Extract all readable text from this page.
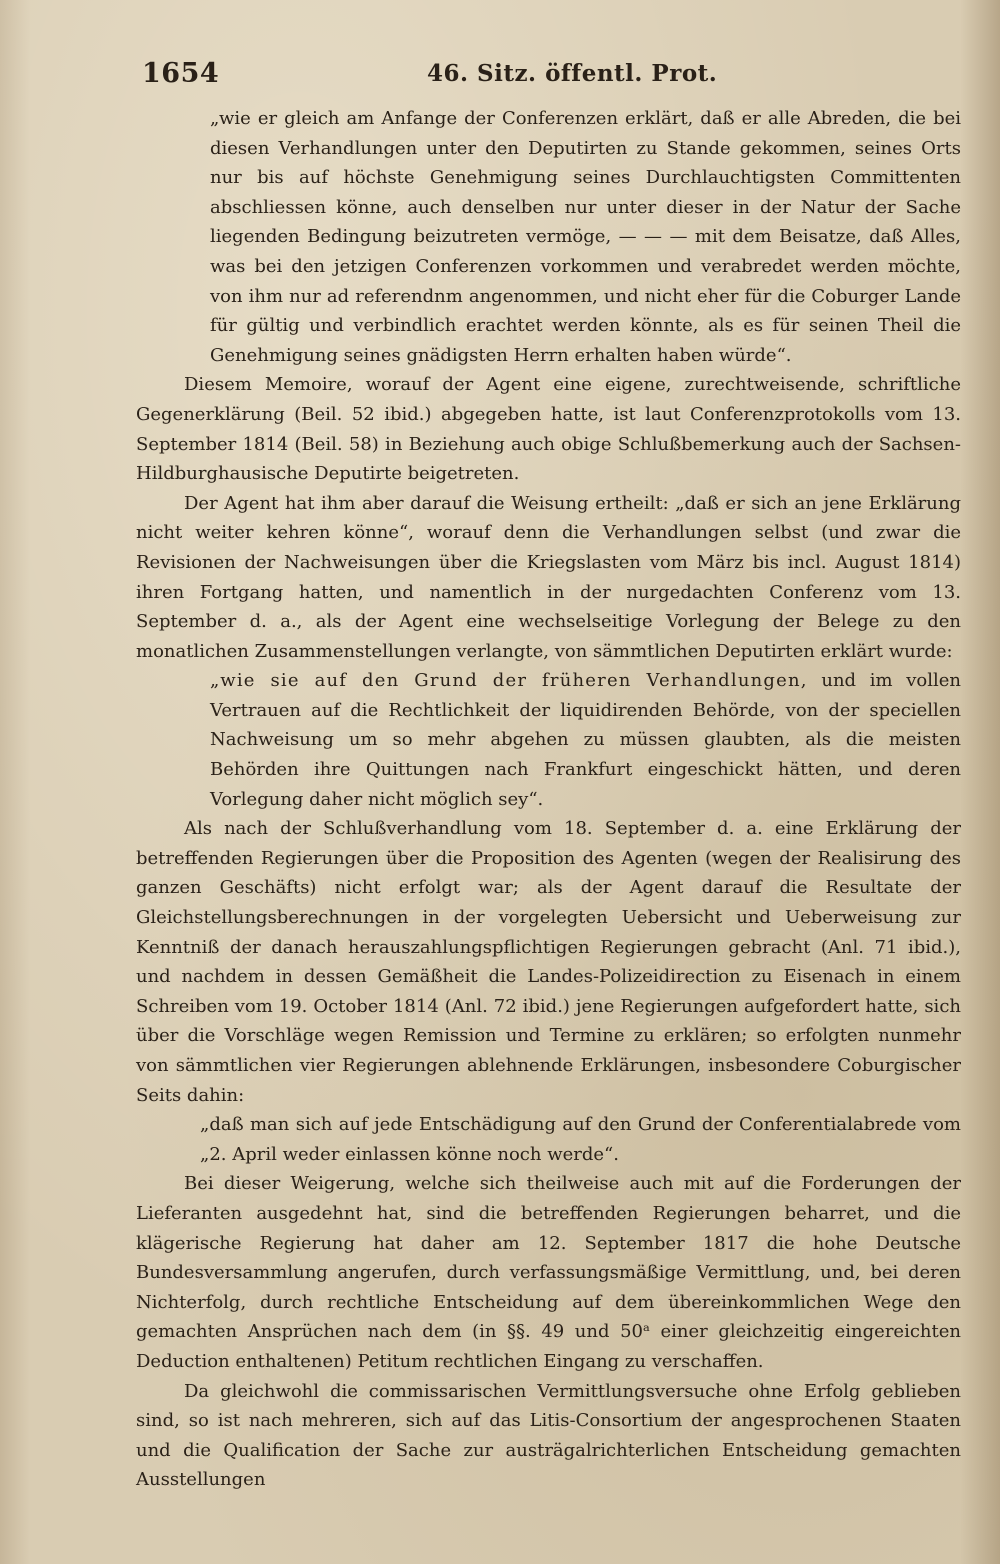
1654	46. Sitz. öffentl. Prot.

„wie er gleich am Anfange der Conferenzen erklärt, daß er alle Abreden, die bei diesen Verhandlungen unter den Deputirten zu Stande gekommen, seines Orts nur bis auf höchste Genehmigung seines Durchlauchtigsten Committenten abschliessen könne, auch denselben nur unter dieser in der Natur der Sache liegenden Bedingung beizutreten vermöge, — — — mit dem Beisatze, daß Alles, was bei den jetzigen Conferenzen vorkommen und verabredet werden möchte, von ihm nur ad referendnm angenommen, und nicht eher für die Coburger Lande für gültig und verbindlich erachtet werden könnte, als es für seinen Theil die Genehmigung seines gnädigsten Herrn erhalten haben würde“.

Diesem Memoire, worauf der Agent eine eigene, zurechtweisende, schriftliche Gegenerklärung (Beil. 52 ibid.) abgegeben hatte, ist laut Conferenzprotokolls vom 13. September 1814 (Beil. 58) in Beziehung auch obige Schlußbemerkung auch der Sachsen-Hildburghausische Deputirte beigetreten.

Der Agent hat ihm aber darauf die Weisung ertheilt: „daß er sich an jene Erklärung nicht weiter kehren könne“, worauf denn die Verhandlungen selbst (und zwar die Revisionen der Nachweisungen über die Kriegslasten vom März bis incl. August 1814) ihren Fortgang hatten, und namentlich in der nurgedachten Conferenz vom 13. September d. a., als der Agent eine wechselseitige Vorlegung der Belege zu den monatlichen Zusammenstellungen verlangte, von sämmtlichen Deputirten erklärt wurde:

„wie sie auf den Grund der früheren Verhandlungen, und im vollen Vertrauen auf die Rechtlichkeit der liquidirenden Behörde, von der speciellen Nachweisung um so mehr abgehen zu müssen glaubten, als die meisten Behörden ihre Quittungen nach Frankfurt eingeschickt hätten, und deren Vorlegung daher nicht möglich sey“.

Als nach der Schlußverhandlung vom 18. September d. a. eine Erklärung der betreffenden Regierungen über die Proposition des Agenten (wegen der Realisirung des ganzen Geschäfts) nicht erfolgt war; als der Agent darauf die Resultate der Gleichstellungsberechnungen in der vorgelegten Uebersicht und Ueberweisung zur Kenntniß der danach herauszahlungspflichtigen Regierungen gebracht (Anl. 71 ibid.), und nachdem in dessen Gemäßheit die Landes-Polizeidirection zu Eisenach in einem Schreiben vom 19. October 1814 (Anl. 72 ibid.) jene Regierungen aufgefordert hatte, sich über die Vorschläge wegen Remission und Termine zu erklären; so erfolgten nunmehr von sämmtlichen vier Regierungen ablehnende Erklärungen, insbesondere Coburgischer Seits dahin:

„daß man sich auf jede Entschädigung auf den Grund der Conferentialabrede vom „2. April weder einlassen könne noch werde“.

Bei dieser Weigerung, welche sich theilweise auch mit auf die Forderungen der Lieferanten ausgedehnt hat, sind die betreffenden Regierungen beharret, und die klägerische Regierung hat daher am 12. September 1817 die hohe Deutsche Bundesversammlung angerufen, durch verfassungsmäßige Vermittlung, und, bei deren Nichterfolg, durch rechtliche Entscheidung auf dem übereinkommlichen Wege den gemachten Ansprüchen nach dem (in §§. 49 und 50ᵃ einer gleichzeitig eingereichten Deduction enthaltenen) Petitum rechtlichen Eingang zu verschaffen.

Da gleichwohl die commissarischen Vermittlungsversuche ohne Erfolg geblieben sind, so ist nach mehreren, sich auf das Litis-Consortium der angesprochenen Staaten und die Qualification der Sache zur austrägalrichterlichen Entscheidung gemachten Ausstellungen
